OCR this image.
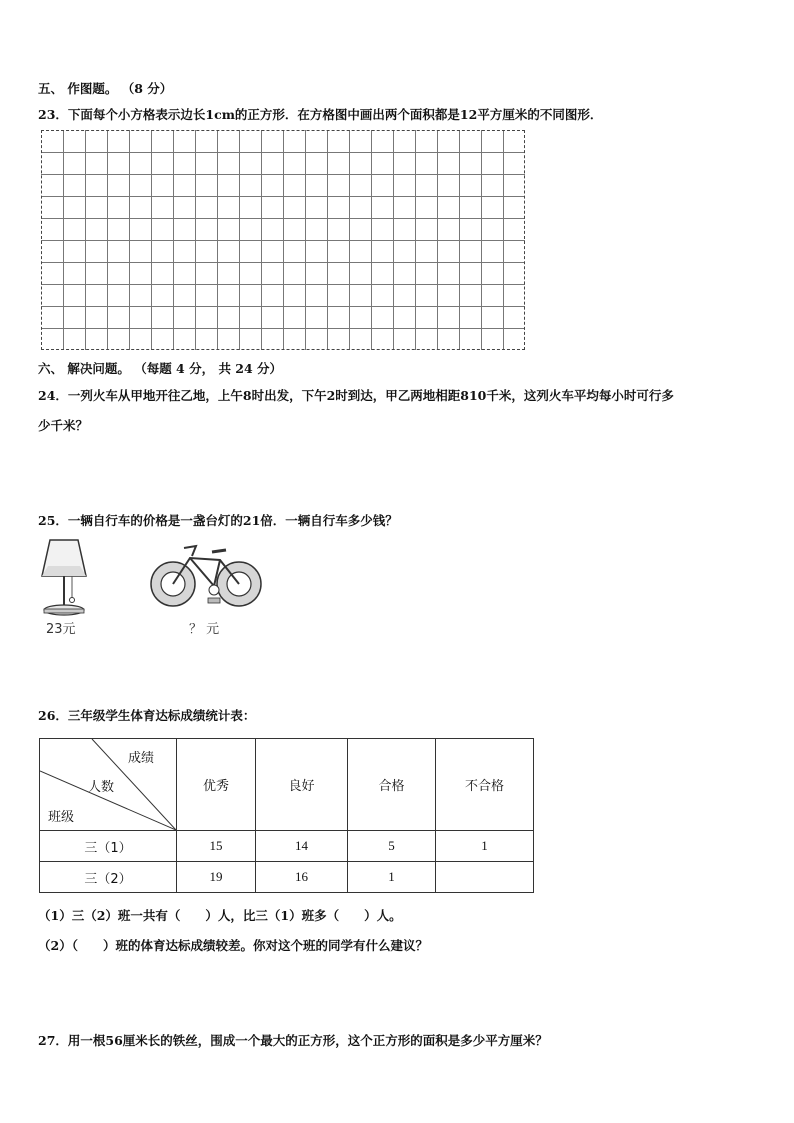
五、 作图题。 （8 分）
23．下面每个小方格表示边长1cm的正方形．在方格图中画出两个面积都是12平方厘米的不同图形．
六、 解决问题。 （每题 4 分， 共 24 分）
24．一列火车从甲地开往乙地，上午8时出发，下午2时到达，甲乙两地相距810千米，这列火车平均每小时可行多
少千米？
25．一辆自行车的价格是一盏台灯的21倍．一辆自行车多少钱？
23元	？ 元
26．三年级学生体育达标成绩统计表：
成绩
人数
班级	优秀	良好	合格	不合格
三（1）	15	14	5	1
三（2）	19	16	1	
（1）三（2）班一共有（　　）人，比三（1）班多（　　）人。
（2）（　　）班的体育达标成绩较差。你对这个班的同学有什么建议？
27．用一根56厘米长的铁丝，围成一个最大的正方形，这个正方形的面积是多少平方厘米？
